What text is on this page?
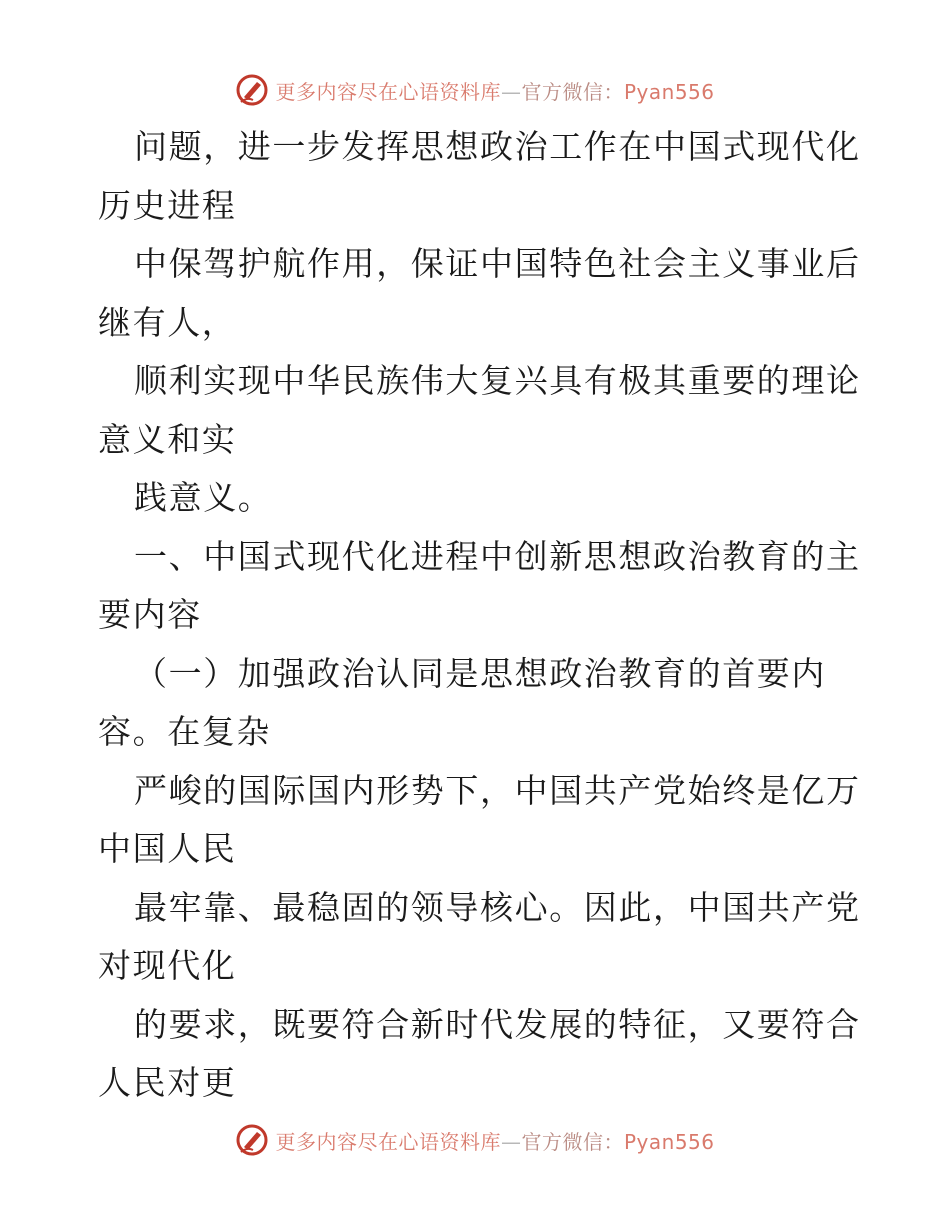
更多内容尽在心语资料库—官方微信：Pyan556
问题，进一步发挥思想政治工作在中国式现代化
历史进程
中保驾护航作用，保证中国特色社会主义事业后
继有人，
顺利实现中华民族伟大复兴具有极其重要的理论
意义和实
践意义。
一、中国式现代化进程中创新思想政治教育的主
要内容
（一）加强政治认同是思想政治教育的首要内
容。在复杂
严峻的国际国内形势下，中国共产党始终是亿万
中国人民
最牢靠、最稳固的领导核心。因此，中国共产党
对现代化
的要求，既要符合新时代发展的特征，又要符合
人民对更
更多内容尽在心语资料库—官方微信：Pyan556
